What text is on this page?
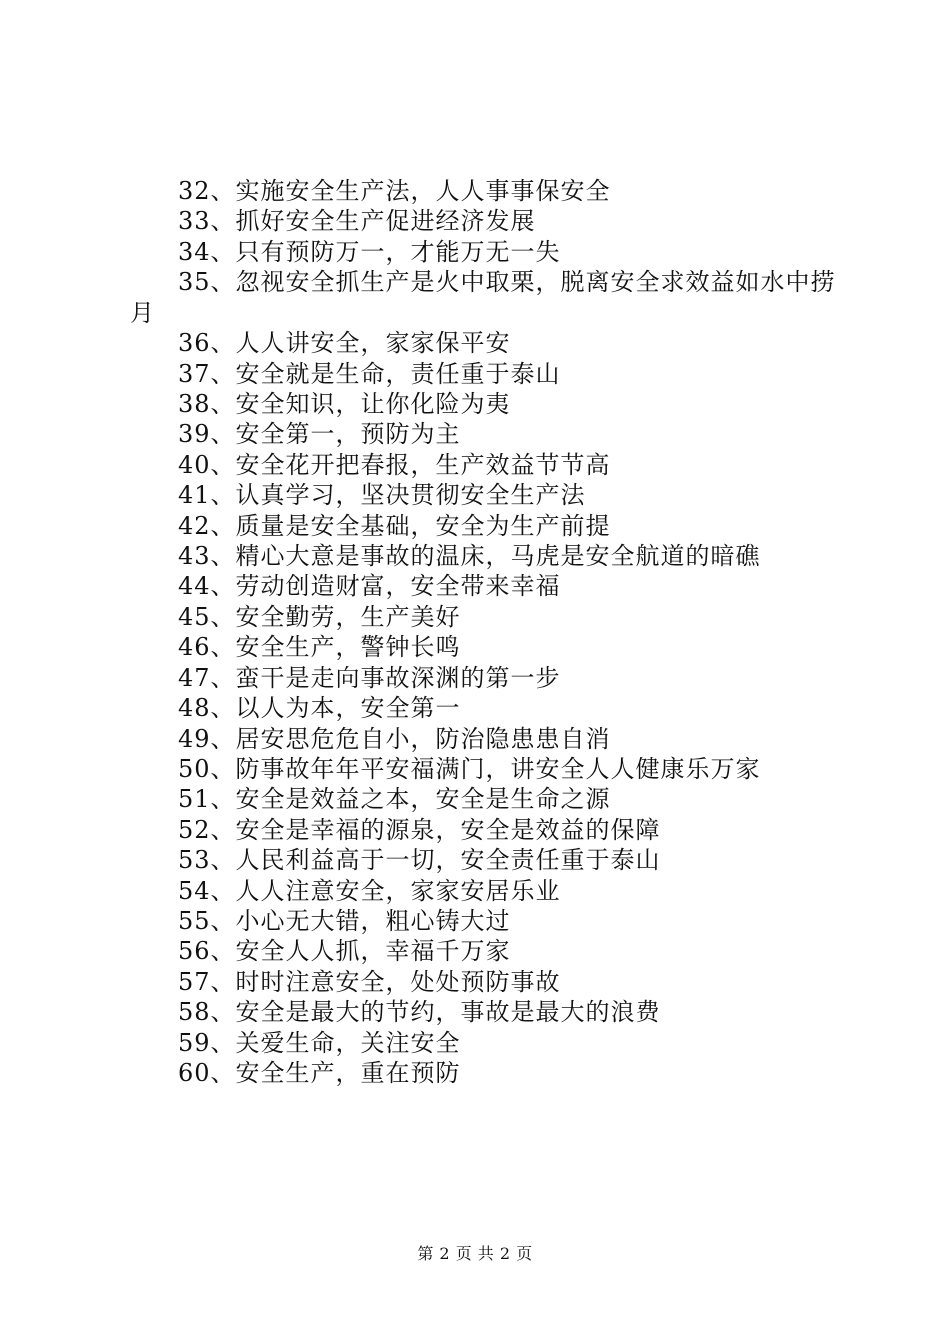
32、实施安全生产法，人人事事保安全
33、抓好安全生产促进经济发展
34、只有预防万一，才能万无一失
35、忽视安全抓生产是火中取栗，脱离安全求效益如水中捞月
36、人人讲安全，家家保平安
37、安全就是生命，责任重于泰山
38、安全知识，让你化险为夷
39、安全第一，预防为主
40、安全花开把春报，生产效益节节高
41、认真学习，坚决贯彻安全生产法
42、质量是安全基础，安全为生产前提
43、精心大意是事故的温床，马虎是安全航道的暗礁
44、劳动创造财富，安全带来幸福
45、安全勤劳，生产美好
46、安全生产，警钟长鸣
47、蛮干是走向事故深渊的第一步
48、以人为本，安全第一
49、居安思危危自小，防治隐患患自消
50、防事故年年平安福满门，讲安全人人健康乐万家
51、安全是效益之本，安全是生命之源
52、安全是幸福的源泉，安全是效益的保障
53、人民利益高于一切，安全责任重于泰山
54、人人注意安全，家家安居乐业
55、小心无大错，粗心铸大过
56、安全人人抓，幸福千万家
57、时时注意安全，处处预防事故
58、安全是最大的节约，事故是最大的浪费
59、关爱生命，关注安全
60、安全生产，重在预防
第 2 页 共 2 页
